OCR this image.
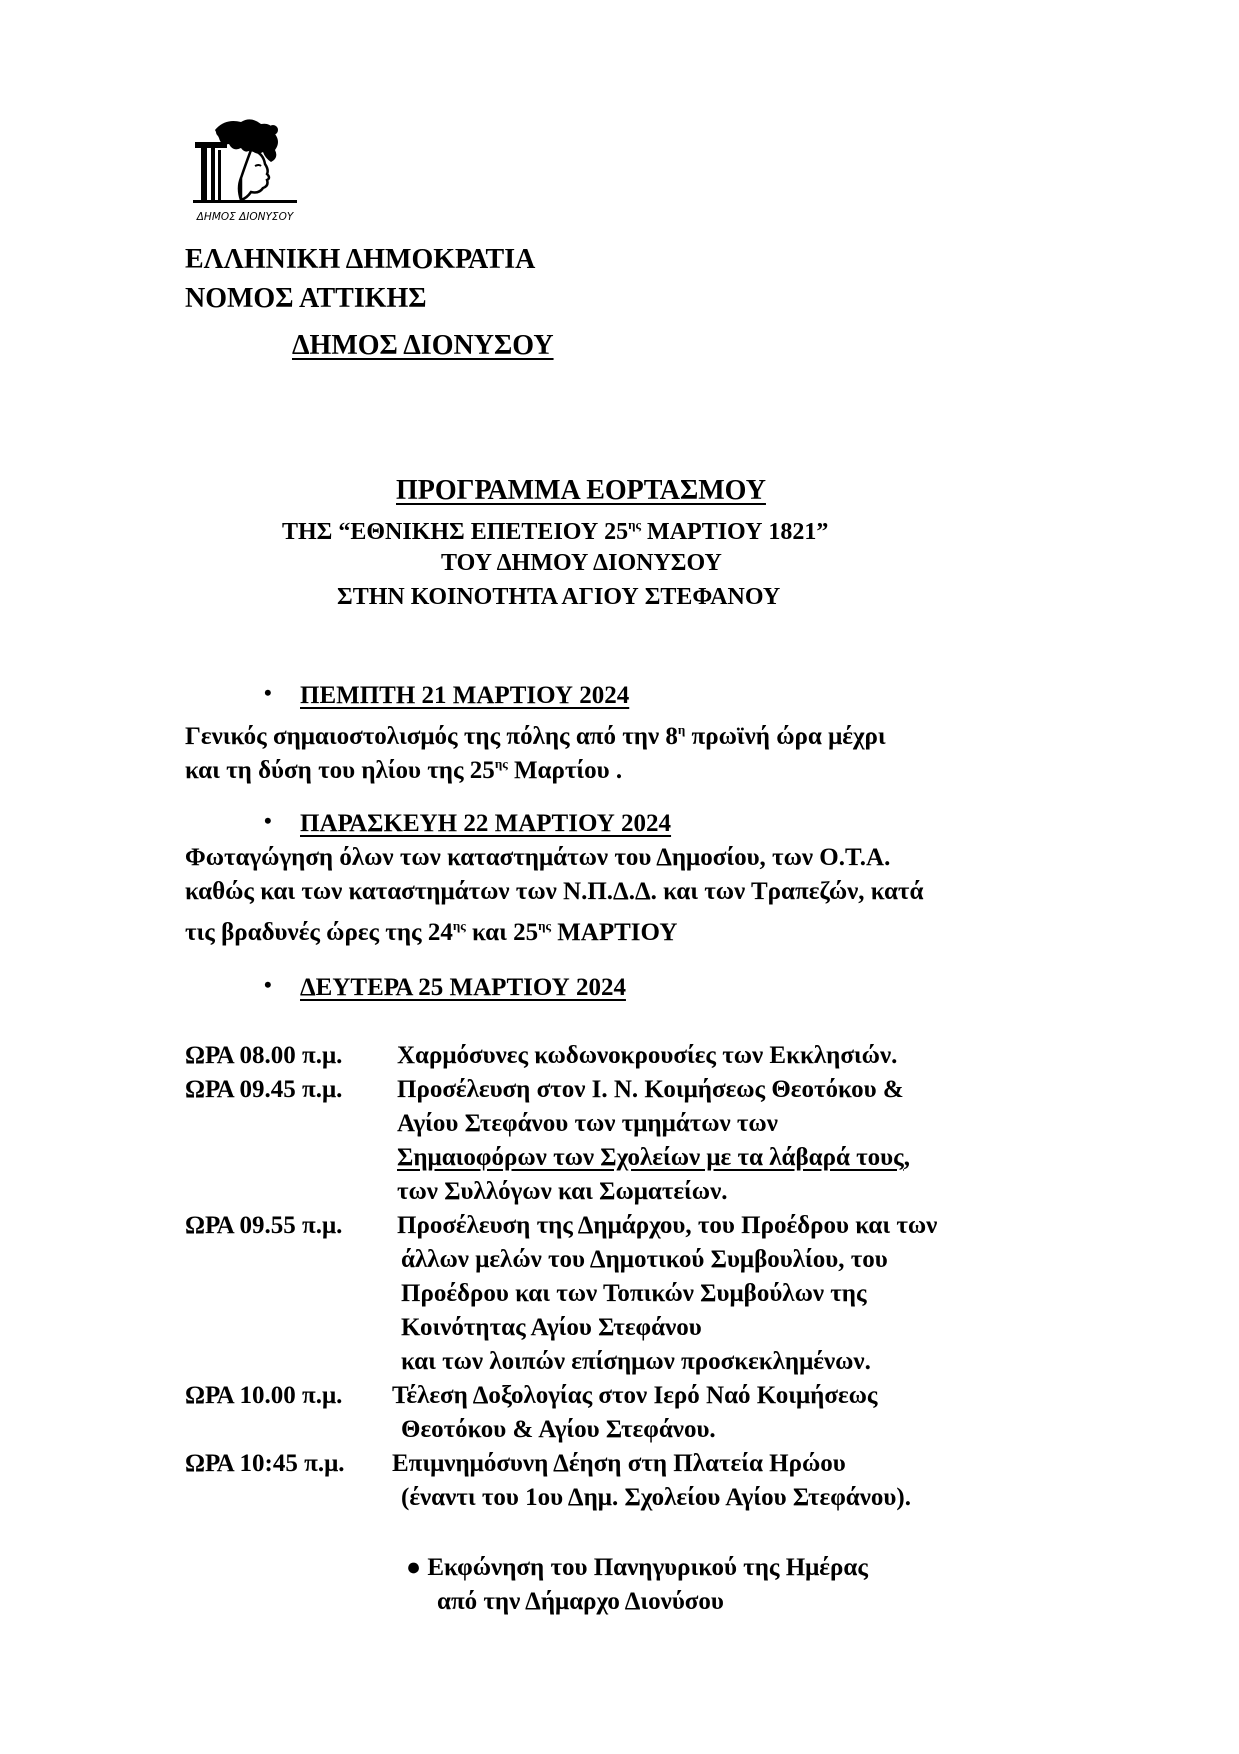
ΔΗΜΟΣ ΔΙΟΝΥΣΟΥ
ΕΛΛΗΝΙΚΗ ΔΗΜΟΚΡΑΤΙΑ
ΝΟΜΟΣ ΑΤΤΙΚΗΣ
ΔΗΜΟΣ ΔΙΟΝΥΣΟΥ
ΠΡΟΓΡΑΜΜΑ ΕΟΡΤΑΣΜΟΥ
ΤΗΣ “ΕΘΝΙΚΗΣ ΕΠΕΤΕΙΟΥ $25^{\eta\varsigma}$ ΜΑΡΤΙΟΥ 1821”
ΤΟΥ ΔΗΜΟΥ ΔΙΟΝΥΣΟΥ
ΣΤΗΝ ΚΟΙΝΟΤΗΤΑ ΑΓΙΟΥ ΣΤΕΦΑΝΟΥ
• ΠΕΜΠΤΗ 21 ΜΑΡΤΙΟΥ 2024
Γενικός σημαιοστολισμός της πόλης από την $8^\eta$ πρωϊνή ώρα μέχρι
και τη δύση του ηλίου της $25^{\eta\varsigma}$ Μαρτίου .
• ΠΑΡΑΣΚΕΥΗ 22 ΜΑΡΤΙΟΥ 2024
Φωταγώγηση όλων των καταστημάτων του Δημοσίου, των Ο.Τ.Α.
καθώς και των καταστημάτων των Ν.Π.Δ.Δ. και των Τραπεζών, κατά
τις βραδυνές ώρες της $24^{\eta\varsigma}$ και $25^{\eta\varsigma}$ ΜΑΡΤΙΟΥ
• ΔΕΥΤΕΡΑ 25 ΜΑΡΤΙΟΥ 2024
ΩΡΑ 08.00 π.μ. Χαρμόσυνες κωδωνοκρουσίες των Εκκλησιών.
ΩΡΑ 09.45 π.μ. Προσέλευση στον Ι. Ν. Κοιμήσεως Θεοτόκου &
Αγίου Στεφάνου των τμημάτων των
Σημαιοφόρων των Σχολείων με τα λάβαρά τους,
των Συλλόγων και Σωματείων.
ΩΡΑ 09.55 π.μ. Προσέλευση της Δημάρχου, του Προέδρου και των
άλλων μελών του Δημοτικού Συμβουλίου, του
Προέδρου και των Τοπικών Συμβούλων της
Κοινότητας Αγίου Στεφάνου
και των λοιπών επίσημων προσκεκλημένων.
ΩΡΑ 10.00 π.μ. Τέλεση Δοξολογίας στον Ιερό Ναό Κοιμήσεως
Θεοτόκου & Αγίου Στεφάνου.
ΩΡΑ 10:45 π.μ. Επιμνημόσυνη Δέηση στη Πλατεία Ηρώου
(έναντι του 1ου Δημ. Σχολείου Αγίου Στεφάνου).
● Εκφώνηση του Πανηγυρικού της Ημέρας
από την Δήμαρχο Διονύσου
